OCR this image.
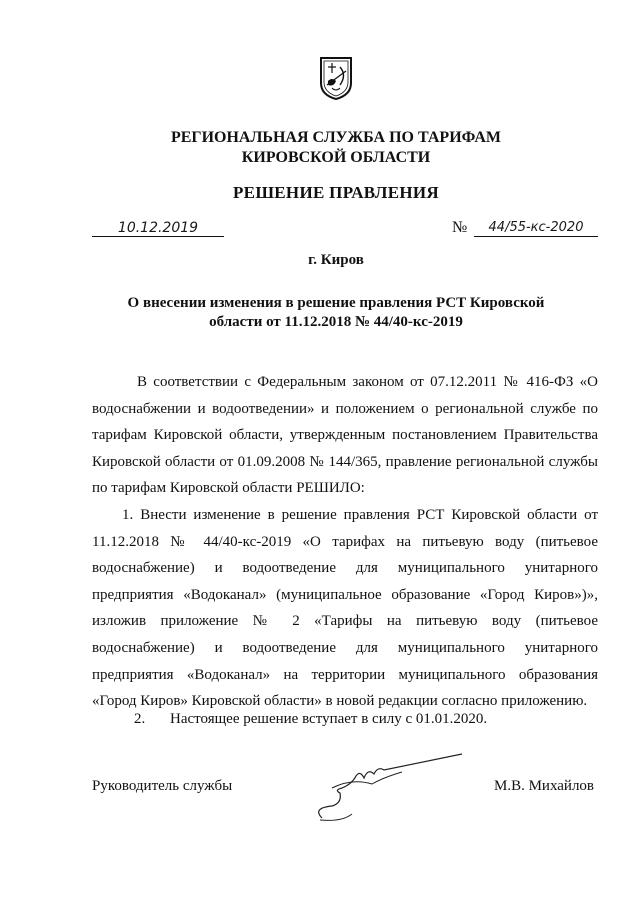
РЕГИОНАЛЬНАЯ СЛУЖБА ПО ТАРИФАМ
КИРОВСКОЙ ОБЛАСТИ
РЕШЕНИЕ ПРАВЛЕНИЯ
10.12.2019	№	44/55-кс-2020
г. Киров
О внесении изменения в решение правления РСТ Кировской области от 11.12.2018 № 44/40-кс-2019
В соответствии с Федеральным законом от 07.12.2011 № 416-ФЗ «О водоснабжении и водоотведении» и положением о региональной службе по тарифам Кировской области, утвержденным постановлением Правительства Кировской области от 01.09.2008 № 144/365, правление региональной службы по тарифам Кировской области РЕШИЛО:
1. Внести изменение в решение правления РСТ Кировской области от 11.12.2018 № 44/40-кс-2019 «О тарифах на питьевую воду (питьевое водоснабжение) и водоотведение для муниципального унитарного предприятия «Водоканал» (муниципальное образование «Город Киров»)», изложив приложение № 2 «Тарифы на питьевую воду (питьевое водоснабжение) и водоотведение для муниципального унитарного предприятия «Водоканал» на территории муниципального образования «Город Киров» Кировской области» в новой редакции согласно приложению.
2. Настоящее решение вступает в силу с 01.01.2020.
Руководитель службы	М.В. Михайлов
